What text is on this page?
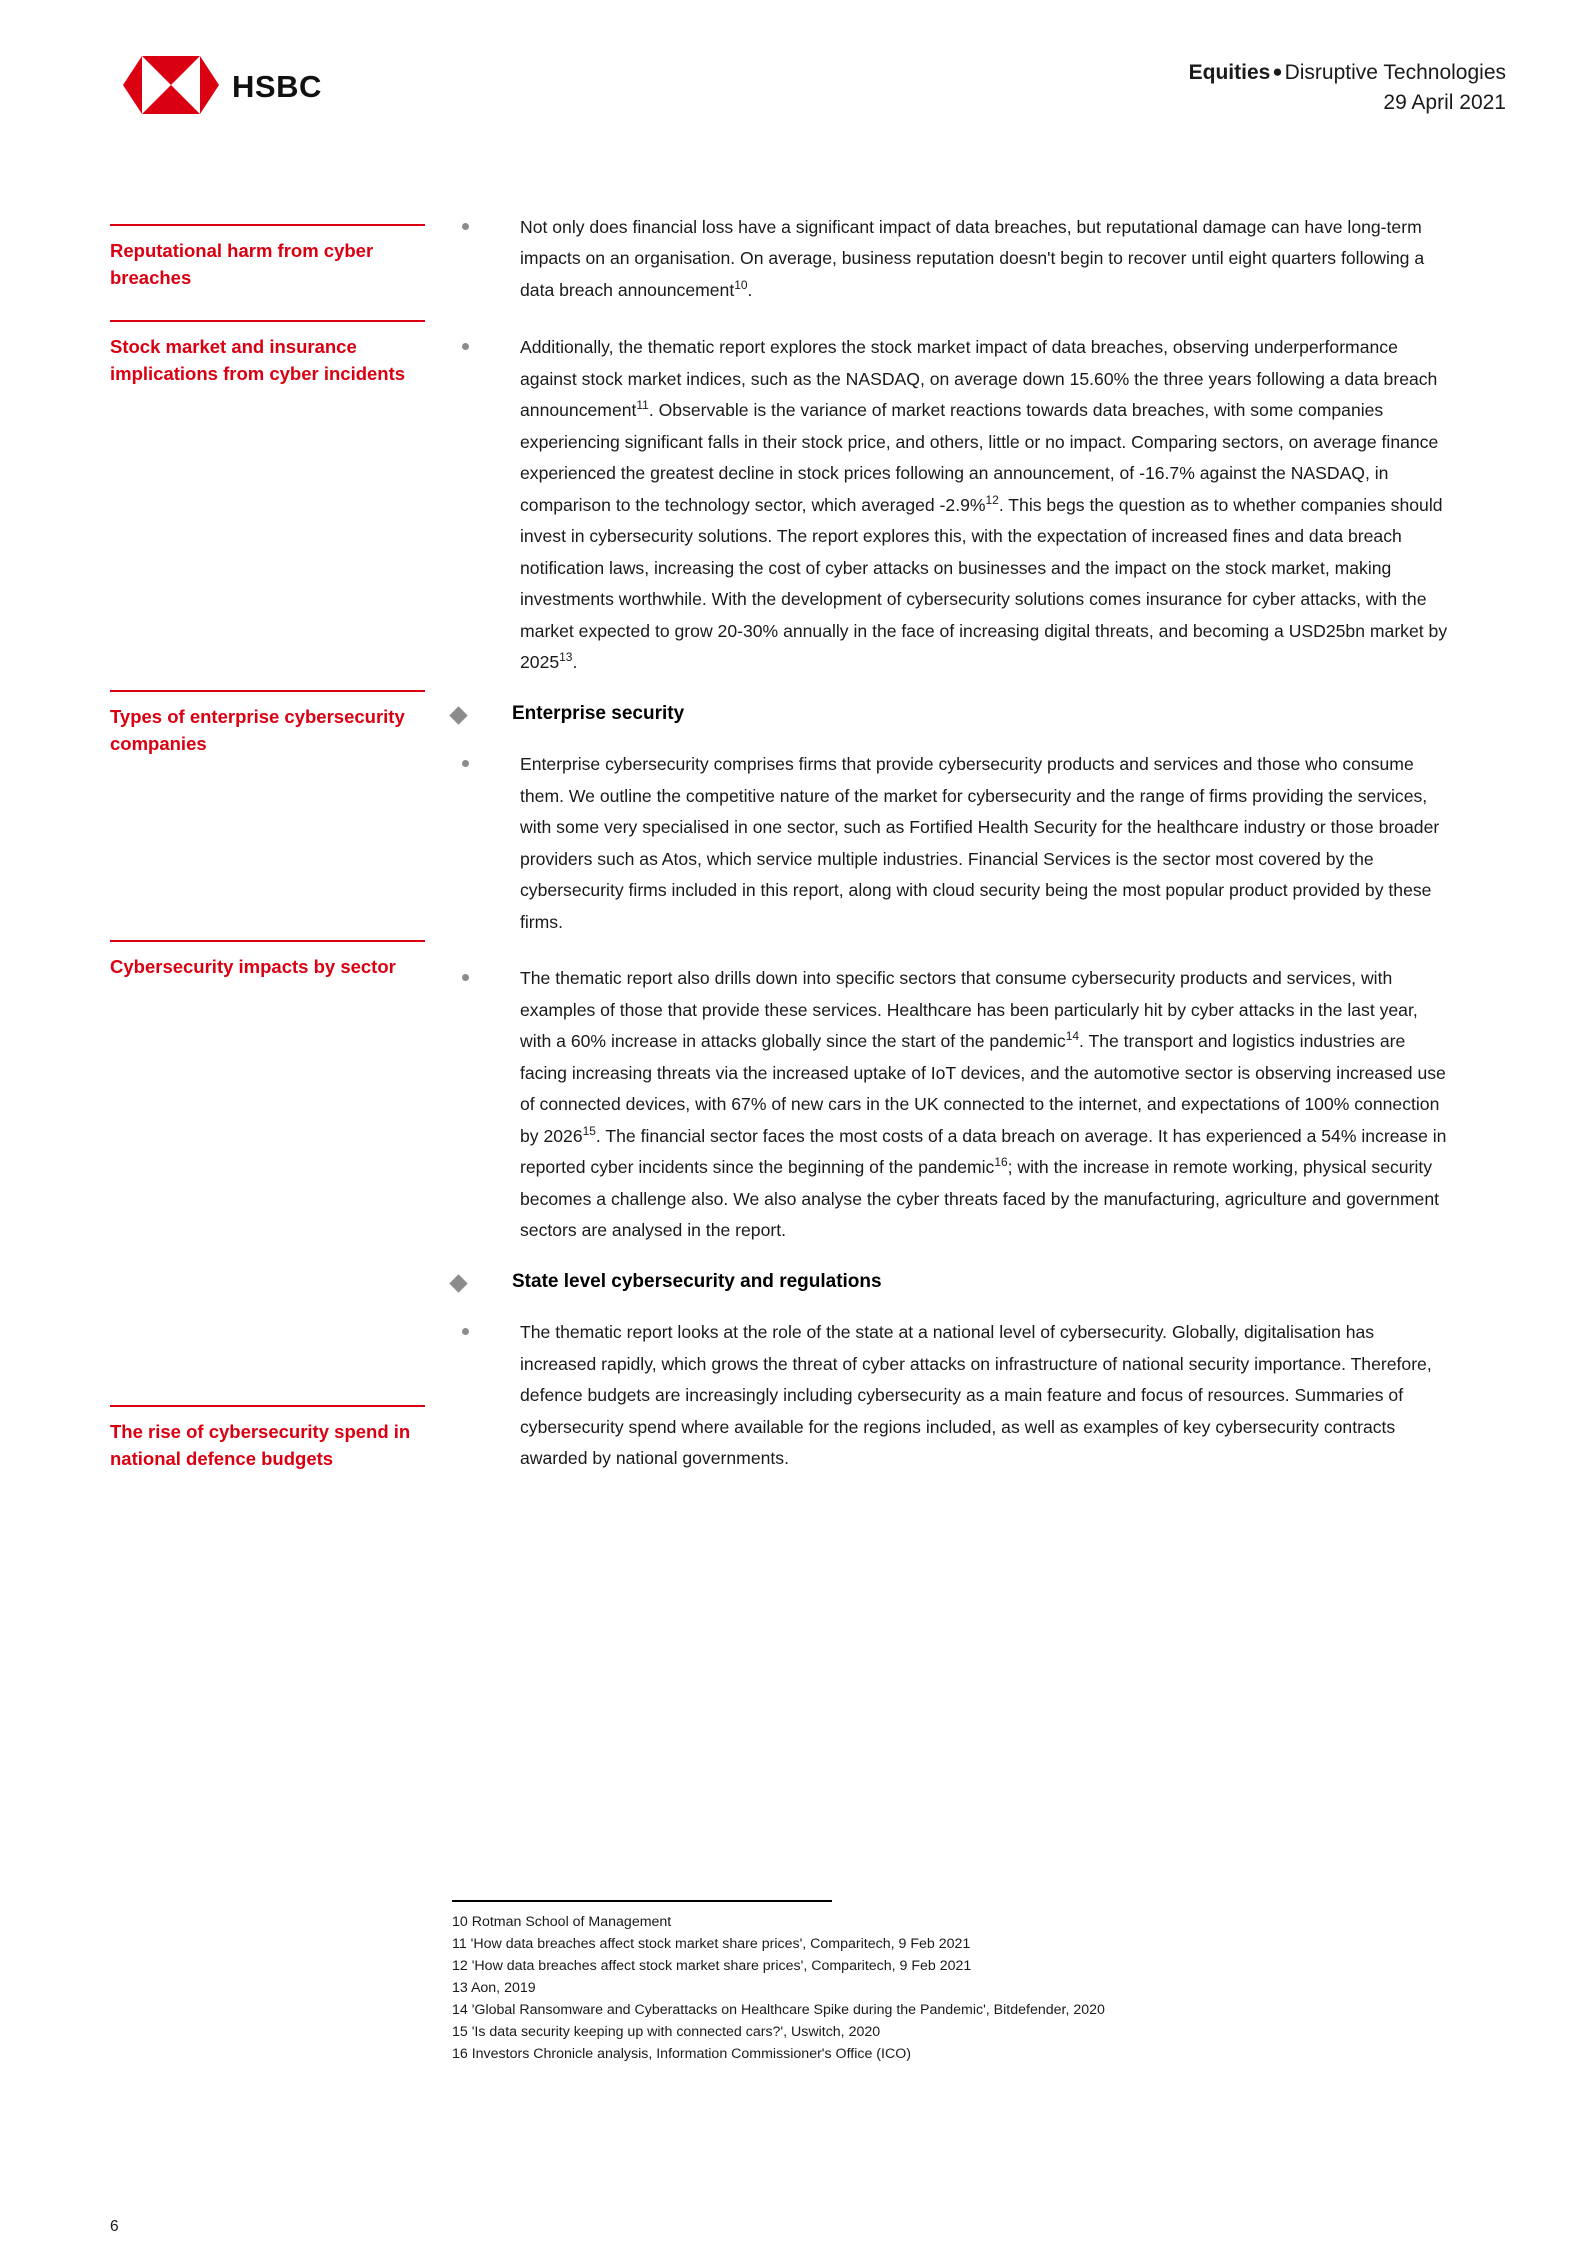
HSBC	Equities ●Disruptive Technologies
29 April 2021
Reputational harm from cyber breaches
Stock market and insurance implications from cyber incidents
Types of enterprise cybersecurity companies
Cybersecurity impacts by sector
The rise of cybersecurity spend in national defence budgets

Not only does financial loss have a significant impact of data breaches, but reputational damage can have long-term impacts on an organisation. On average, business reputation doesn't begin to recover until eight quarters following a data breach announcement$^{10}$.

Additionally, the thematic report explores the stock market impact of data breaches, observing underperformance against stock market indices, such as the NASDAQ, on average down 15.60% the three years following a data breach announcement$^{11}$. Observable is the variance of market reactions towards data breaches, with some companies experiencing significant falls in their stock price, and others, little or no impact. Comparing sectors, on average finance experienced the greatest decline in stock prices following an announcement, of -16.7% against the NASDAQ, in comparison to the technology sector, which averaged -2.9%$^{12}$. This begs the question as to whether companies should invest in cybersecurity solutions. The report explores this, with the expectation of increased fines and data breach notification laws, increasing the cost of cyber attacks on businesses and the impact on the stock market, making investments worthwhile. With the development of cybersecurity solutions comes insurance for cyber attacks, with the market expected to grow 20-30% annually in the face of increasing digital threats, and becoming a USD25bn market by 2025$^{13}$.

Enterprise security

Enterprise cybersecurity comprises firms that provide cybersecurity products and services and those who consume them. We outline the competitive nature of the market for cybersecurity and the range of firms providing the services, with some very specialised in one sector, such as Fortified Health Security for the healthcare industry or those broader providers such as Atos, which service multiple industries. Financial Services is the sector most covered by the cybersecurity firms included in this report, along with cloud security being the most popular product provided by these firms.

The thematic report also drills down into specific sectors that consume cybersecurity products and services, with examples of those that provide these services. Healthcare has been particularly hit by cyber attacks in the last year, with a 60% increase in attacks globally since the start of the pandemic$^{14}$. The transport and logistics industries are facing increasing threats via the increased uptake of IoT devices, and the automotive sector is observing increased use of connected devices, with 67% of new cars in the UK connected to the internet, and expectations of 100% connection by 2026$^{15}$. The financial sector faces the most costs of a data breach on average. It has experienced a 54% increase in reported cyber incidents since the beginning of the pandemic$^{16}$; with the increase in remote working, physical security becomes a challenge also. We also analyse the cyber threats faced by the manufacturing, agriculture and government sectors are analysed in the report.

State level cybersecurity and regulations

The thematic report looks at the role of the state at a national level of cybersecurity. Globally, digitalisation has increased rapidly, which grows the threat of cyber attacks on infrastructure of national security importance. Therefore, defence budgets are increasingly including cybersecurity as a main feature and focus of resources. Summaries of cybersecurity spend where available for the regions included, as well as examples of key cybersecurity contracts awarded by national governments.

10 Rotman School of Management
11 'How data breaches affect stock market share prices', Comparitech, 9 Feb 2021
12 'How data breaches affect stock market share prices', Comparitech, 9 Feb 2021
13 Aon, 2019
14 'Global Ransomware and Cyberattacks on Healthcare Spike during the Pandemic', Bitdefender, 2020
15 'Is data security keeping up with connected cars?', Uswitch, 2020
16 Investors Chronicle analysis, Information Commissioner's Office (ICO)
6
